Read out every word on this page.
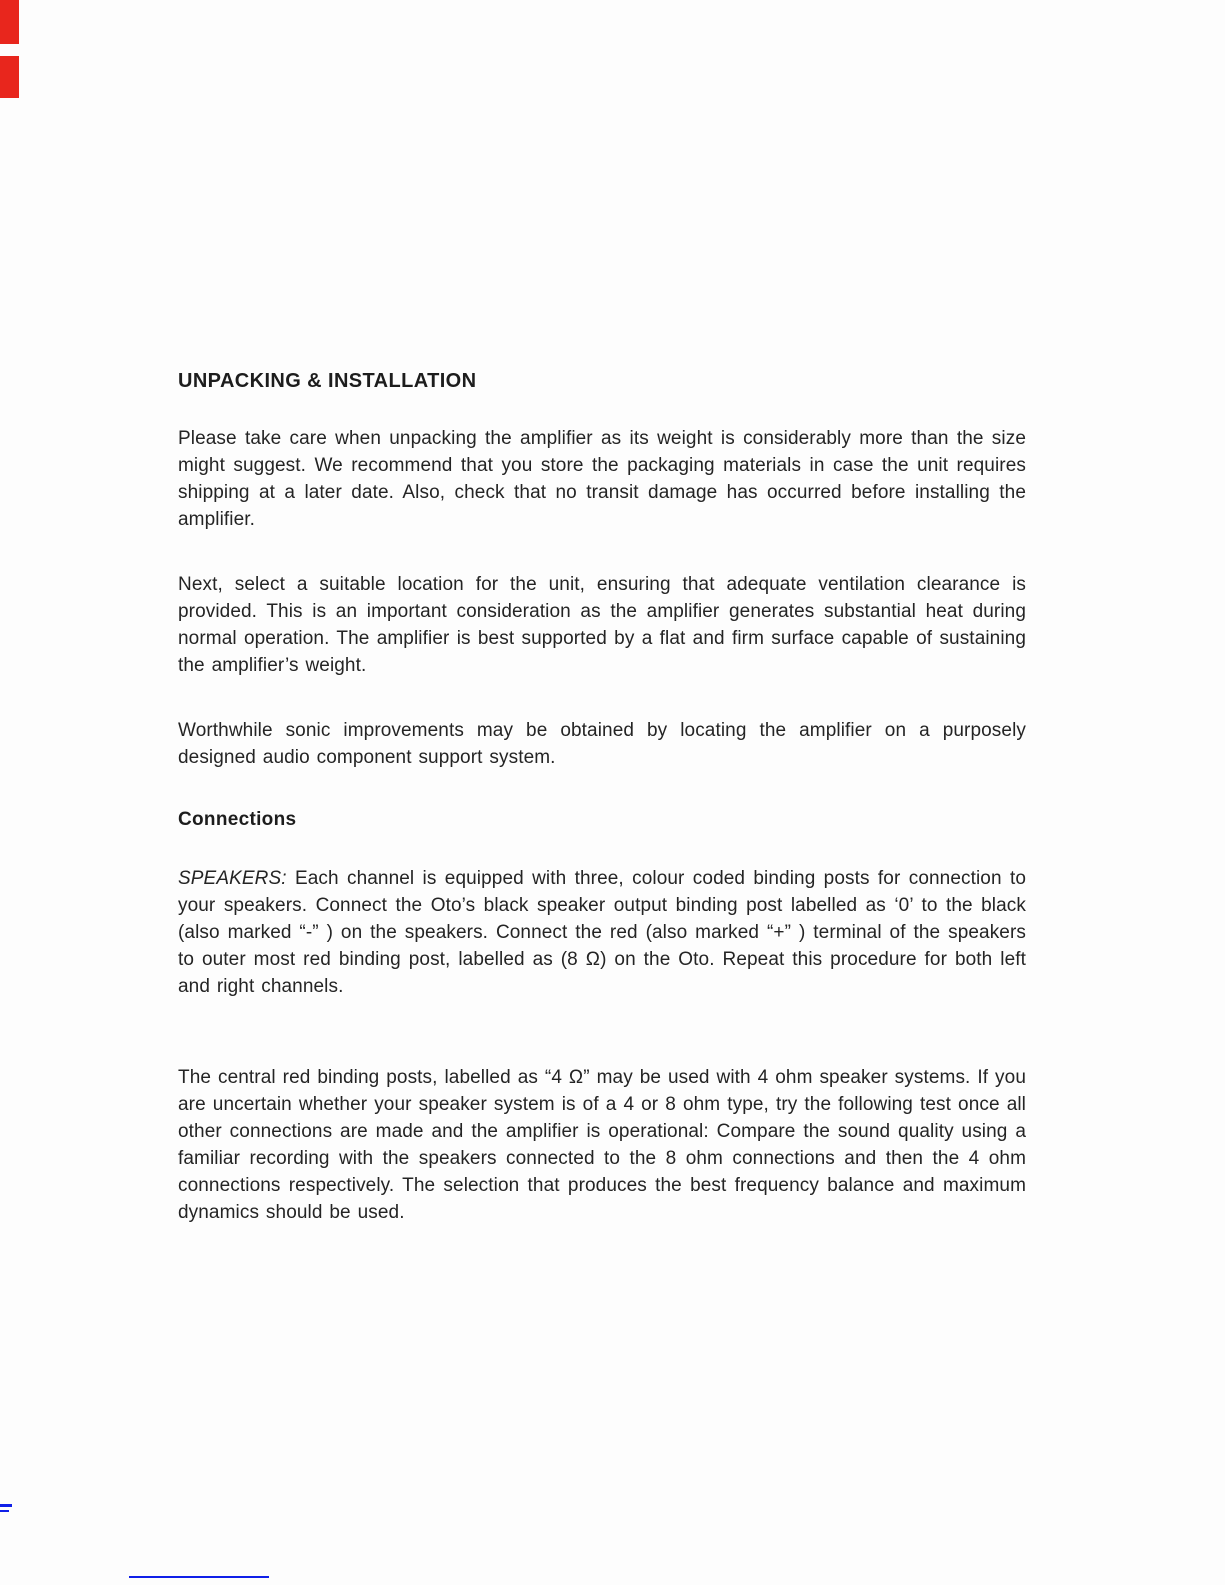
UNPACKING & INSTALLATION

Please take care when unpacking the amplifier as its weight is considerably more than the size might suggest. We recommend that you store the packaging materials in case the unit requires shipping at a later date. Also, check that no transit damage has occurred before installing the amplifier.

Next, select a suitable location for the unit, ensuring that adequate ventilation clearance is provided. This is an important consideration as the amplifier generates substantial heat during normal operation. The amplifier is best supported by a flat and firm surface capable of sustaining the amplifier’s weight.

Worthwhile sonic improvements may be obtained by locating the amplifier on a purposely designed audio component support system.

Connections

SPEAKERS: Each channel is equipped with three, colour coded binding posts for connection to your speakers. Connect the Oto’s black speaker output binding post labelled as ‘0’ to the black (also marked “-” ) on the speakers. Connect the red (also marked “+” ) terminal of the speakers to outer most red binding post, labelled as (8 Ω) on the Oto. Repeat this procedure for both left and right channels.

The central red binding posts, labelled as “4 Ω” may be used with 4 ohm speaker systems. If you are uncertain whether your speaker system is of a 4 or 8 ohm type, try the following test once all other connections are made and the amplifier is operational: Compare the sound quality using a familiar recording with the speakers connected to the 8 ohm connections and then the 4 ohm connections respectively. The selection that produces the best frequency balance and maximum dynamics should be used.
